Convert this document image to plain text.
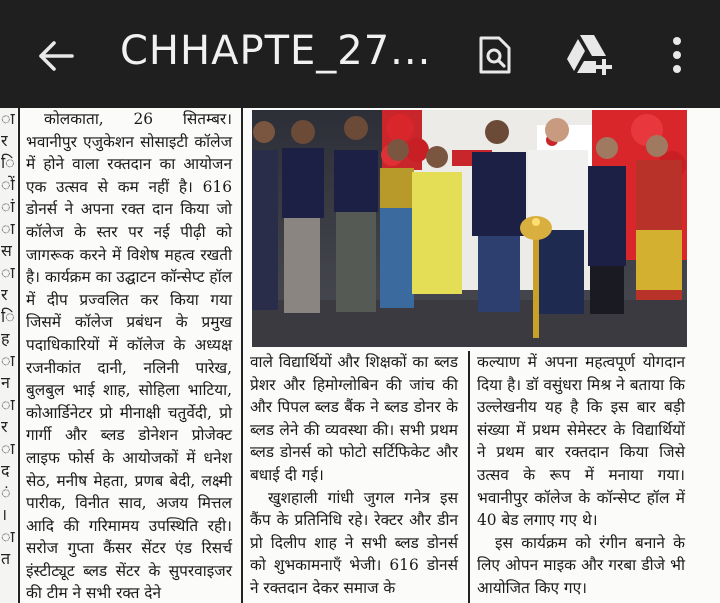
CHHAPTE_27...
ा
र
ि
ों
ां
ा
स
ा
र
ि
ह
ा
न
ा
र
ा
द
ं
।
ा
त

कोलकाता, 26 सितम्बर। भवानीपुर एजुकेशन सोसाइटी कॉलेज में होने वाला रक्तदान का आयोजन एक उत्सव से कम नहीं है। 616 डोनर्स ने अपना रक्त दान किया जो कॉलेज के स्तर पर नई पीढ़ी को जागरूक करने में विशेष महत्व रखती है। कार्यक्रम का उद्घाटन कॉन्सेप्ट हॉल में दीप प्रज्वलित कर किया गया जिसमें कॉलेज प्रबंधन के प्रमुख पदाधिकारियों में कॉलेज के अध्यक्ष रजनीकांत दानी, नलिनी पारेख, बुलबुल भाई शाह, सोहिला भाटिया, कोआर्डिनेटर प्रो मीनाक्षी चतुर्वेदी, प्रो गार्गी और ब्लड डोनेशन प्रोजेक्ट लाइफ फोर्स के आयोजकों में धनेश सेठ, मनीष मेहता, प्रणब बेदी, लक्ष्मी पारीक, विनीत साव, अजय मित्तल आदि की गरिमामय उपस्थिति रही।सरोज गुप्ता कैंसर सेंटर एंड रिसर्च इंस्टीट्यूट ब्लड सेंटर के सुपरवाइजर की टीम ने सभी रक्त देने

वाले विद्यार्थियों और शिक्षकों का ब्लड प्रेशर और हिमोग्लोबिन की जांच की और पिपल ब्लड बैंक ने ब्लड डोनर के ब्लड लेने की व्यवस्था की। सभी प्रथम ब्लड डोनर्स को फोटो सर्टिफिकेट और बधाई दी गई।

खुशहाली गांधी जुगल गनेत्र इस कैंप के प्रतिनिधि रहे। रेक्टर और डीन प्रो दिलीप शाह ने सभी ब्लड डोनर्स को शुभकामनाएँ भेजी। 616 डोनर्स ने रक्तदान देकर समाज के

कल्याण में अपना महत्वपूर्ण योगदान दिया है। डॉ वसुंधरा मिश्र ने बताया कि उल्लेखनीय यह है कि इस बार बड़ी संख्या में प्रथम सेमेस्टर के विद्यार्थियों ने प्रथम बार रक्तदान किया जिसे उत्सव के रूप में मनाया गया।भवानीपुर कॉलेज के कॉन्सेप्ट हॉल में 40 बेड लगाए गए थे।

इस कार्यक्रम को रंगीन बनाने के लिए ओपन माइक और गरबा डीजे भी आयोजित किए गए।
